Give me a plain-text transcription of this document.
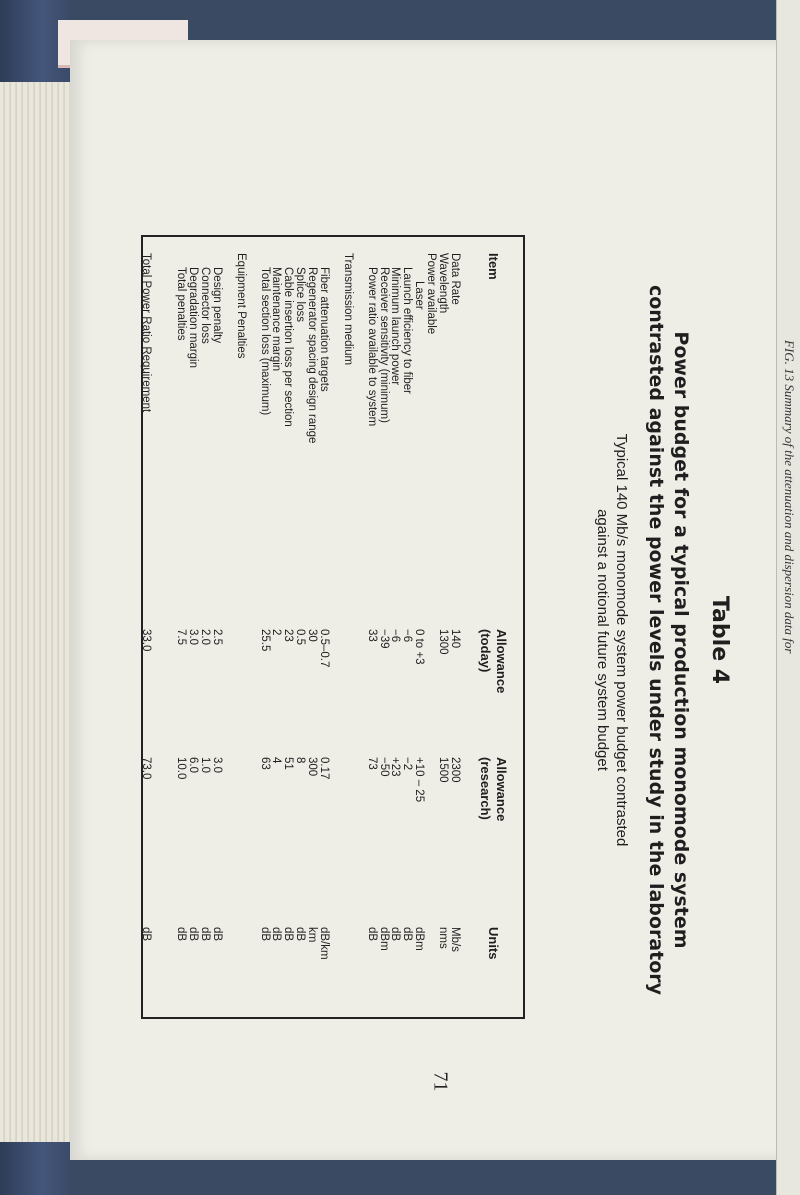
FIG. 13 Summary of the attenuation and dispersion data for
Table 4
Power budget for a typical production monomode system
contrasted against the power levels under study in the laboratory
Typical 140 Mb/s monomode system power budget contrasted
against a notional future system budget
Item
Allowance
(today)
Allowance
(research)
Units
Data Rate
140
2300
Mb/s
Wavelength
1300
1500
nms
Power available
Laser
0 to +3
+10 – 25
dBm
Launch efficiency to fiber
−6
−2
dB
Minimum launch power
−6
+23
dB
Receiver sensitivity (minimum)
−39
−50
dBm
Power ratio available to system
33
73
dB
Transmission medium
Fiber attenuation targets
0.5–0.7
0.17
dB/km
Regenerator spacing design range
30
300
km
Splice loss
0.5
8
dB
Cable insertion loss per section
23
51
dB
Maintenance margin
2
4
dB
Total section loss (maximum)
25.5
63
dB
Equipment Penalties
Design penalty
2.5
3.0
dB
Connector loss
2.0
1.0
dB
Degradation margin
3.0
6.0
dB
Total penalties
7.5
10.0
dB
Total Power Ratio Requirement
33.0
73.0
dB
71
